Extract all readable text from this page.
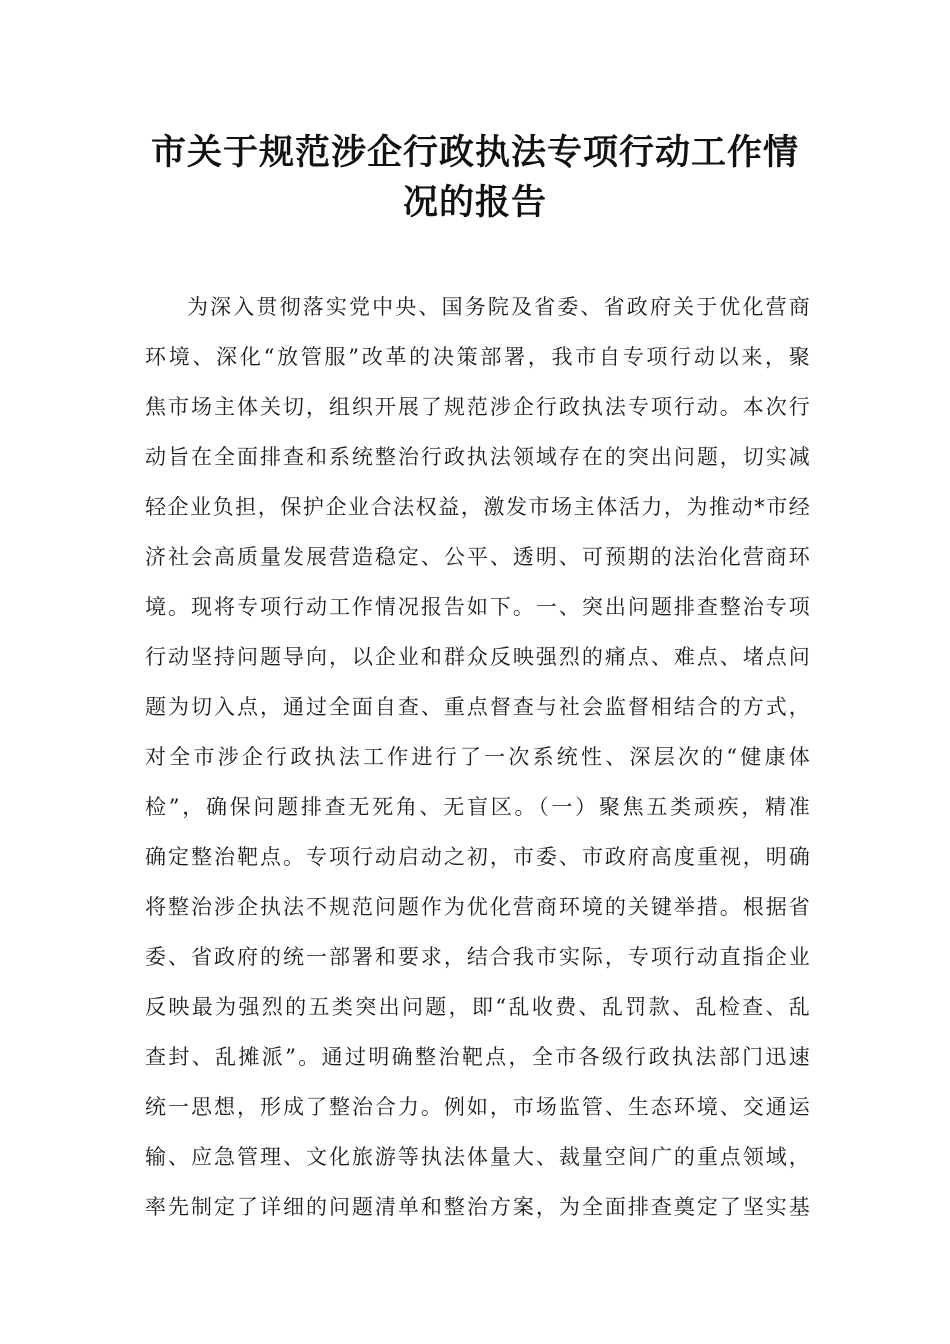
市关于规范涉企行政执法专项行动工作情
况的报告
为深入贯彻落实党中央、国务院及省委、省政府关于优化营商
环境、深化“放管服”改革的决策部署，我市自专项行动以来，聚
焦市场主体关切，组织开展了规范涉企行政执法专项行动。本次行
动旨在全面排查和系统整治行政执法领域存在的突出问题，切实减
轻企业负担，保护企业合法权益，激发市场主体活力，为推动*市经
济社会高质量发展营造稳定、公平、透明、可预期的法治化营商环
境。现将专项行动工作情况报告如下。一、突出问题排查整治专项
行动坚持问题导向，以企业和群众反映强烈的痛点、难点、堵点问
题为切入点，通过全面自查、重点督查与社会监督相结合的方式，
对全市涉企行政执法工作进行了一次系统性、深层次的“健康体
检”，确保问题排查无死角、无盲区。（一）聚焦五类顽疾，精准
确定整治靶点。专项行动启动之初，市委、市政府高度重视，明确
将整治涉企执法不规范问题作为优化营商环境的关键举措。根据省
委、省政府的统一部署和要求，结合我市实际，专项行动直指企业
反映最为强烈的五类突出问题，即“乱收费、乱罚款、乱检查、乱
查封、乱摊派”。通过明确整治靶点，全市各级行政执法部门迅速
统一思想，形成了整治合力。例如，市场监管、生态环境、交通运
输、应急管理、文化旅游等执法体量大、裁量空间广的重点领域，
率先制定了详细的问题清单和整治方案，为全面排查奠定了坚实基
